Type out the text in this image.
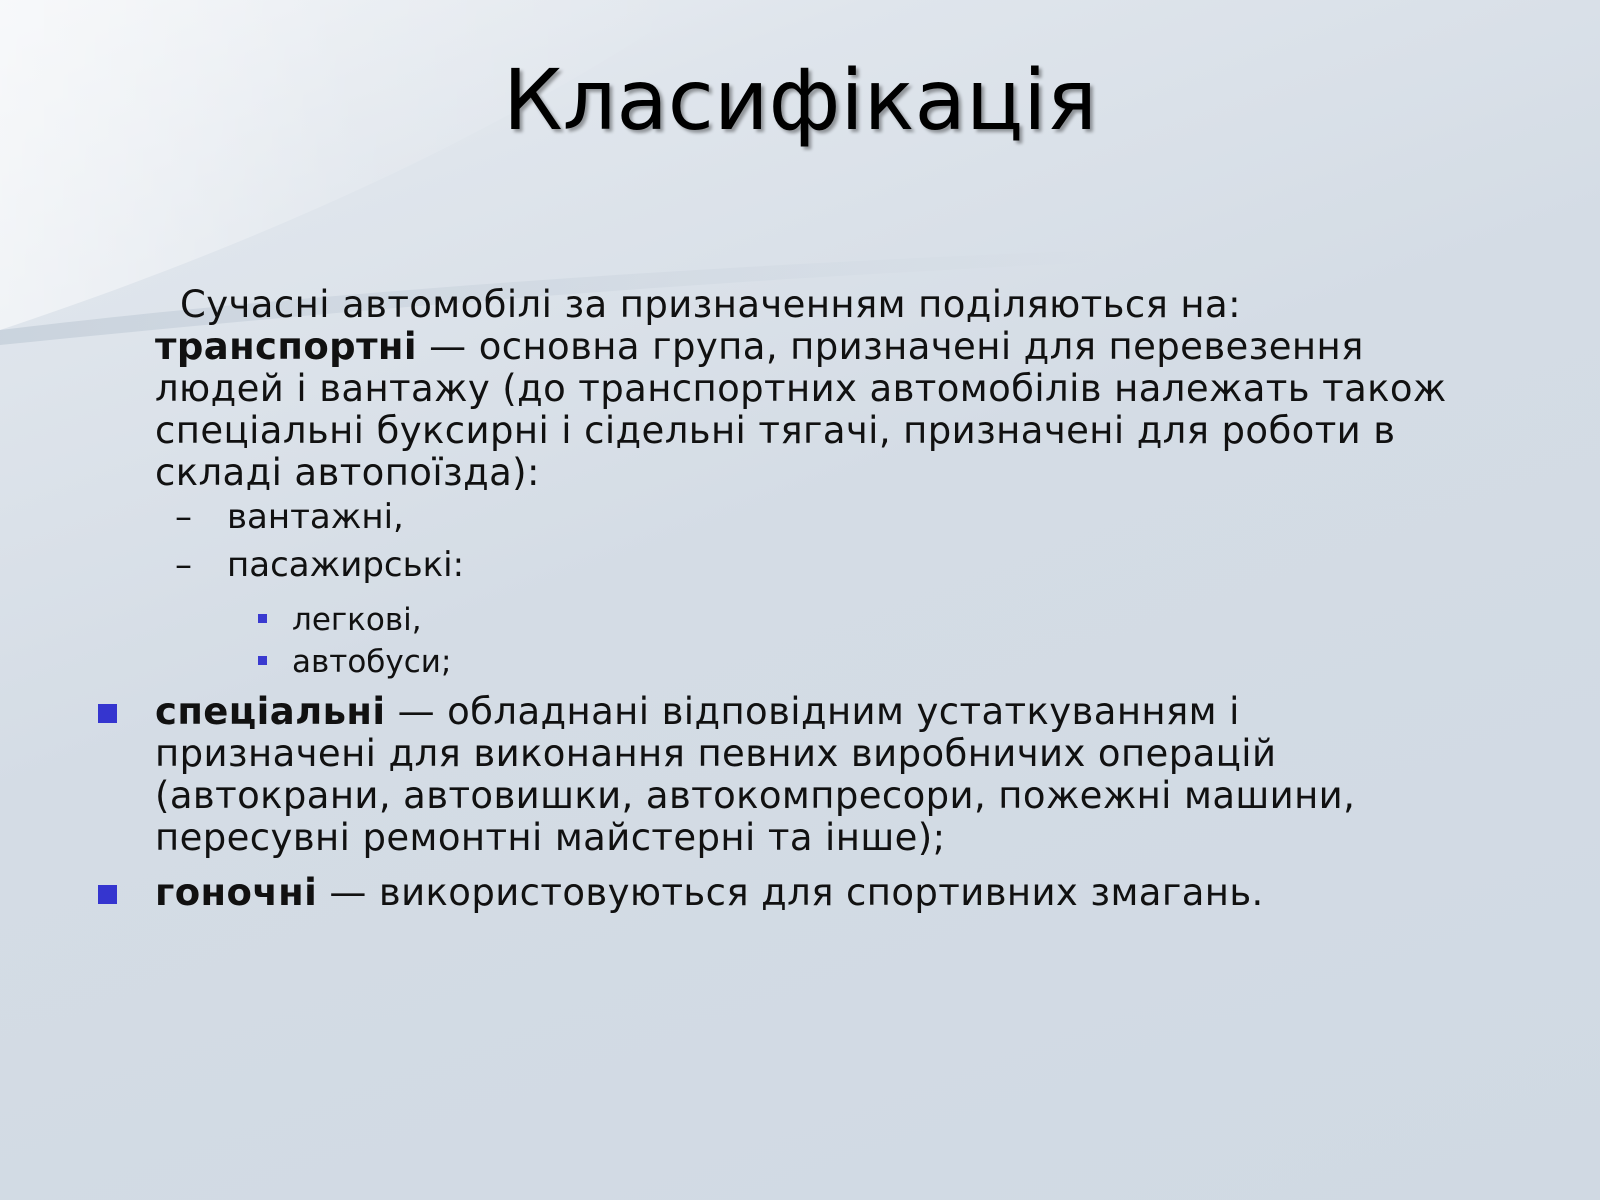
Класифікація
Сучасні автомобілі за призначенням поділяються на:
транспортні — основна група, призначені для перевезення людей і вантажу (до транспортних автомобілів належать також спеціальні буксирні і сідельні тягачі, призначені для роботи в складі автопоїзда):
– вантажні,
– пасажирські:
легкові,
автобуси;
спеціальні — обладнані відповідним устаткуванням і призначені для виконання певних виробничих операцій (автокрани, автовишки, автокомпресори, пожежні машини, пересувні ремонтні майстерні та інше);
гоночні — використовуються для спортивних змагань.
